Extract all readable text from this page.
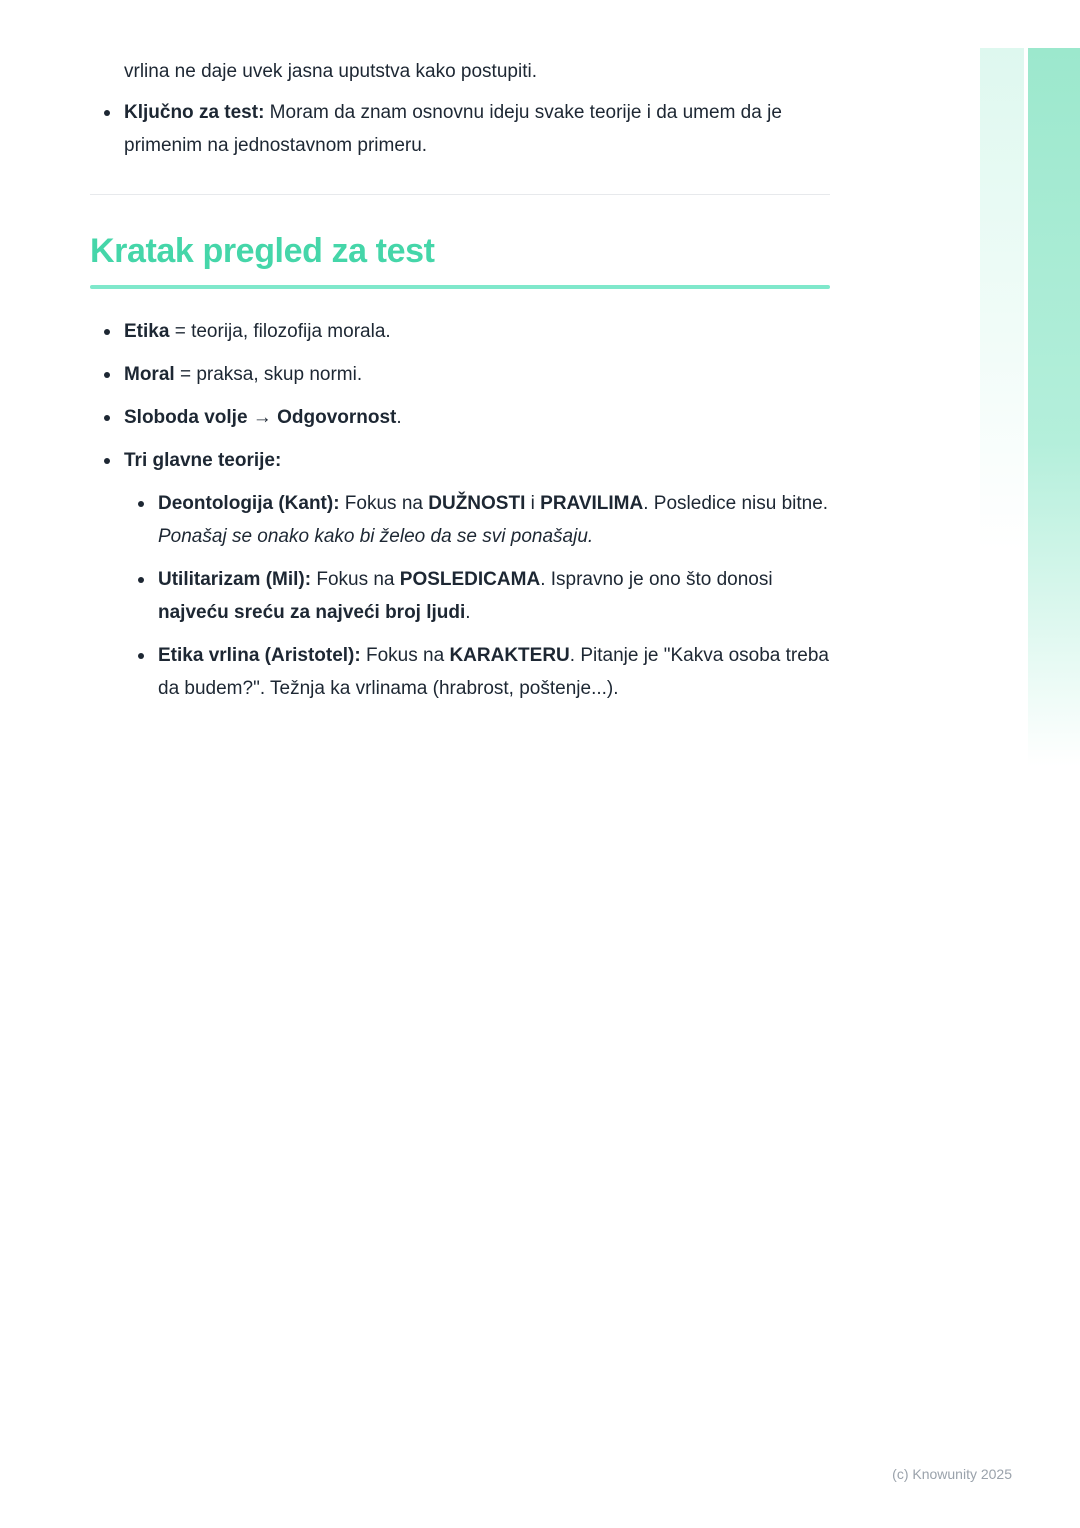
vrlina ne daje uvek jasna uputstva kako postupiti.

Ključno za test: Moram da znam osnovnu ideju svake teorije i da umem da je primenim na jednostavnom primeru.
Kratak pregled za test
Etika = teorija, filozofija morala.
Moral = praksa, skup normi.
Sloboda volje → Odgovornost.
Tri glavne teorije:
Deontologija (Kant): Fokus na DUŽNOSTI i PRAVILIMA. Posledice nisu bitne. Ponašaj se onako kako bi želeo da se svi ponašaju.
Utilitarizam (Mil): Fokus na POSLEDICAMA. Ispravno je ono što donosi najveću sreću za najveći broj ljudi.
Etika vrlina (Aristotel): Fokus na KARAKTERU. Pitanje je "Kakva osoba treba da budem?". Težnja ka vrlinama (hrabrost, poštenje...).
(c) Knowunity 2025
